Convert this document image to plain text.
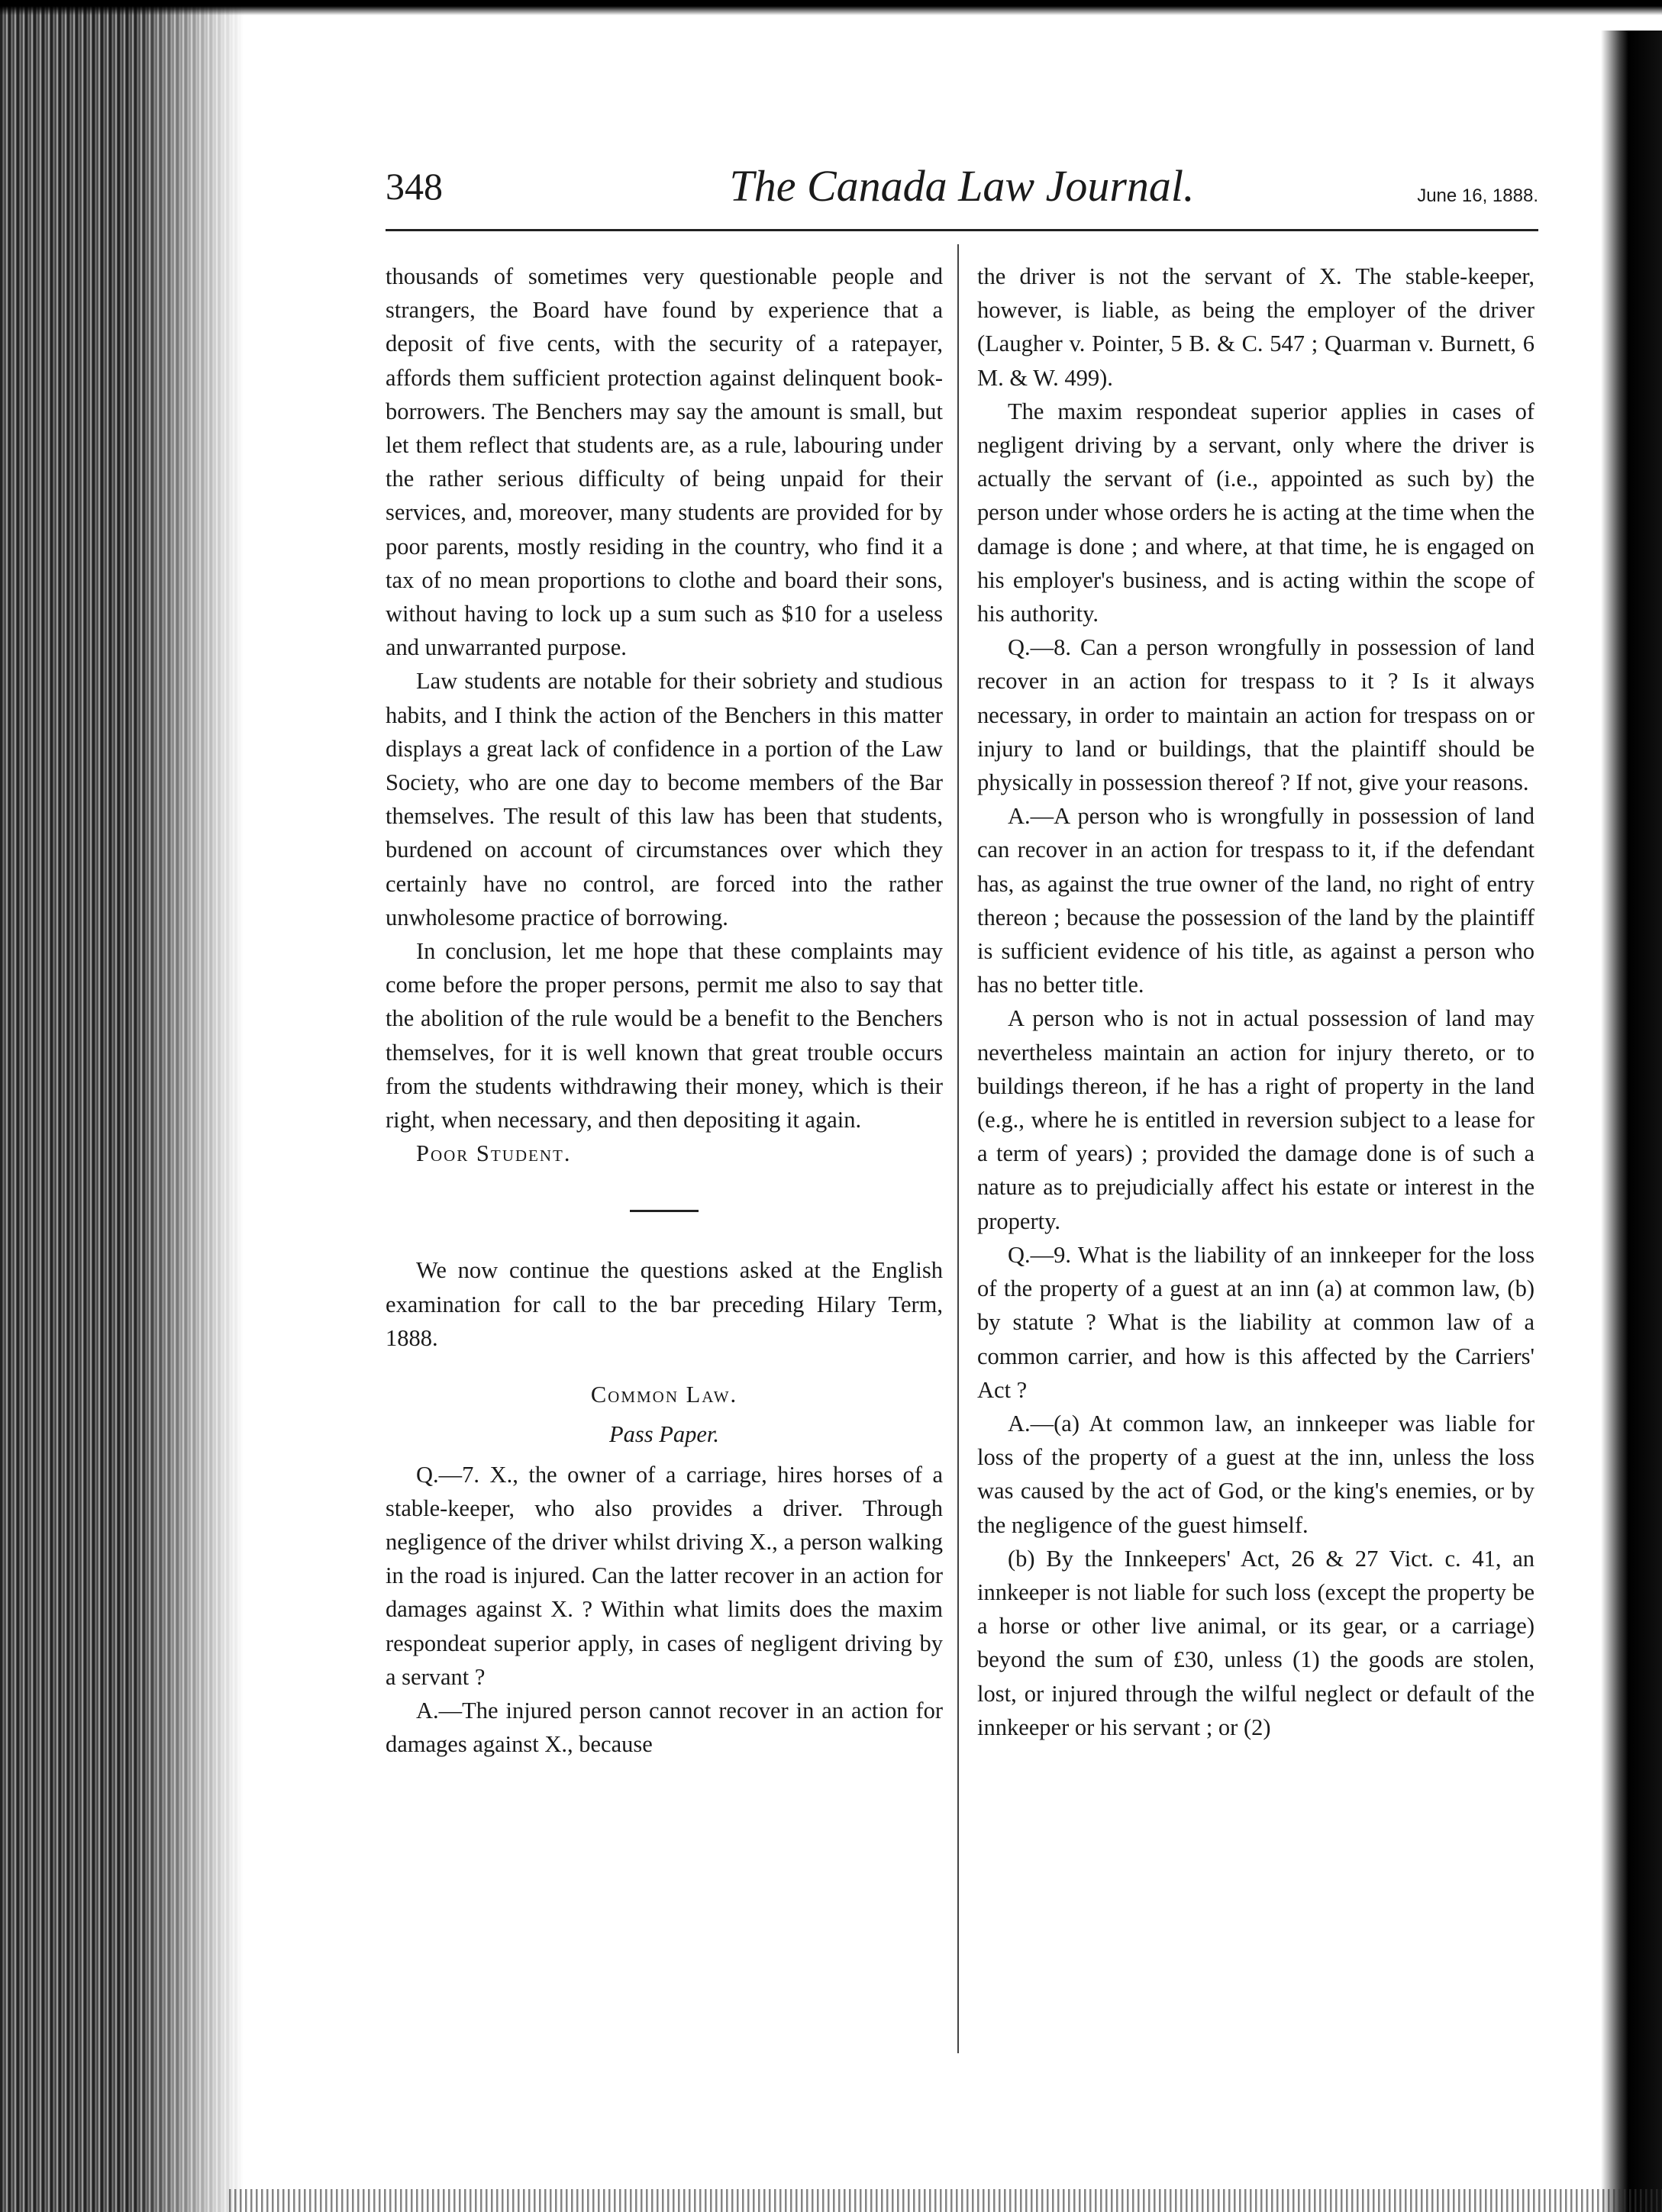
348	The Canada Law Journal.	June 16, 1888.

thousands of sometimes very questionable people and strangers, the Board have found by experience that a deposit of five cents, with the security of a ratepayer, affords them sufficient protection against delinquent book-borrowers. The Benchers may say the amount is small, but let them reflect that students are, as a rule, labouring under the rather serious difficulty of being unpaid for their services, and, moreover, many students are provided for by poor parents, mostly residing in the country, who find it a tax of no mean proportions to clothe and board their sons, without having to lock up a sum such as $10 for a useless and unwarranted purpose.

Law students are notable for their sobriety and studious habits, and I think the action of the Benchers in this matter displays a great lack of confidence in a portion of the Law Society, who are one day to become members of the Bar themselves. The result of this law has been that students, burdened on account of circumstances over which they certainly have no control, are forced into the rather unwholesome practice of borrowing.

In conclusion, let me hope that these complaints may come before the proper persons, permit me also to say that the abolition of the rule would be a benefit to the Benchers themselves, for it is well known that great trouble occurs from the students withdrawing their money, which is their right, when necessary, and then depositing it again.

Poor Student.

We now continue the questions asked at the English examination for call to the bar preceding Hilary Term, 1888.

Common Law.
Pass Paper.

Q.—7. X., the owner of a carriage, hires horses of a stable-keeper, who also provides a driver. Through negligence of the driver whilst driving X., a person walking in the road is injured. Can the latter recover in an action for damages against X. ? Within what limits does the maxim respondeat superior apply, in cases of negligent driving by a servant ?

A.—The injured person cannot recover in an action for damages against X., because

the driver is not the servant of X. The stable-keeper, however, is liable, as being the employer of the driver (Laugher v. Pointer, 5 B. & C. 547 ; Quarman v. Burnett, 6 M. & W. 499).

The maxim respondeat superior applies in cases of negligent driving by a servant, only where the driver is actually the servant of (i.e., appointed as such by) the person under whose orders he is acting at the time when the damage is done ; and where, at that time, he is engaged on his employer's business, and is acting within the scope of his authority.

Q.—8. Can a person wrongfully in possession of land recover in an action for trespass to it ? Is it always necessary, in order to maintain an action for trespass on or injury to land or buildings, that the plaintiff should be physically in possession thereof ? If not, give your reasons.

A.—A person who is wrongfully in possession of land can recover in an action for trespass to it, if the defendant has, as against the true owner of the land, no right of entry thereon ; because the possession of the land by the plaintiff is sufficient evidence of his title, as against a person who has no better title.

A person who is not in actual possession of land may nevertheless maintain an action for injury thereto, or to buildings thereon, if he has a right of property in the land (e.g., where he is entitled in reversion subject to a lease for a term of years) ; provided the damage done is of such a nature as to prejudicially affect his estate or interest in the property.

Q.—9. What is the liability of an innkeeper for the loss of the property of a guest at an inn (a) at common law, (b) by statute ? What is the liability at common law of a common carrier, and how is this affected by the Carriers' Act ?

A.—(a) At common law, an innkeeper was liable for loss of the property of a guest at the inn, unless the loss was caused by the act of God, or the king's enemies, or by the negligence of the guest himself.

(b) By the Innkeepers' Act, 26 & 27 Vict. c. 41, an innkeeper is not liable for such loss (except the property be a horse or other live animal, or its gear, or a carriage) beyond the sum of £30, unless (1) the goods are stolen, lost, or injured through the wilful neglect or default of the innkeeper or his servant ; or (2)
